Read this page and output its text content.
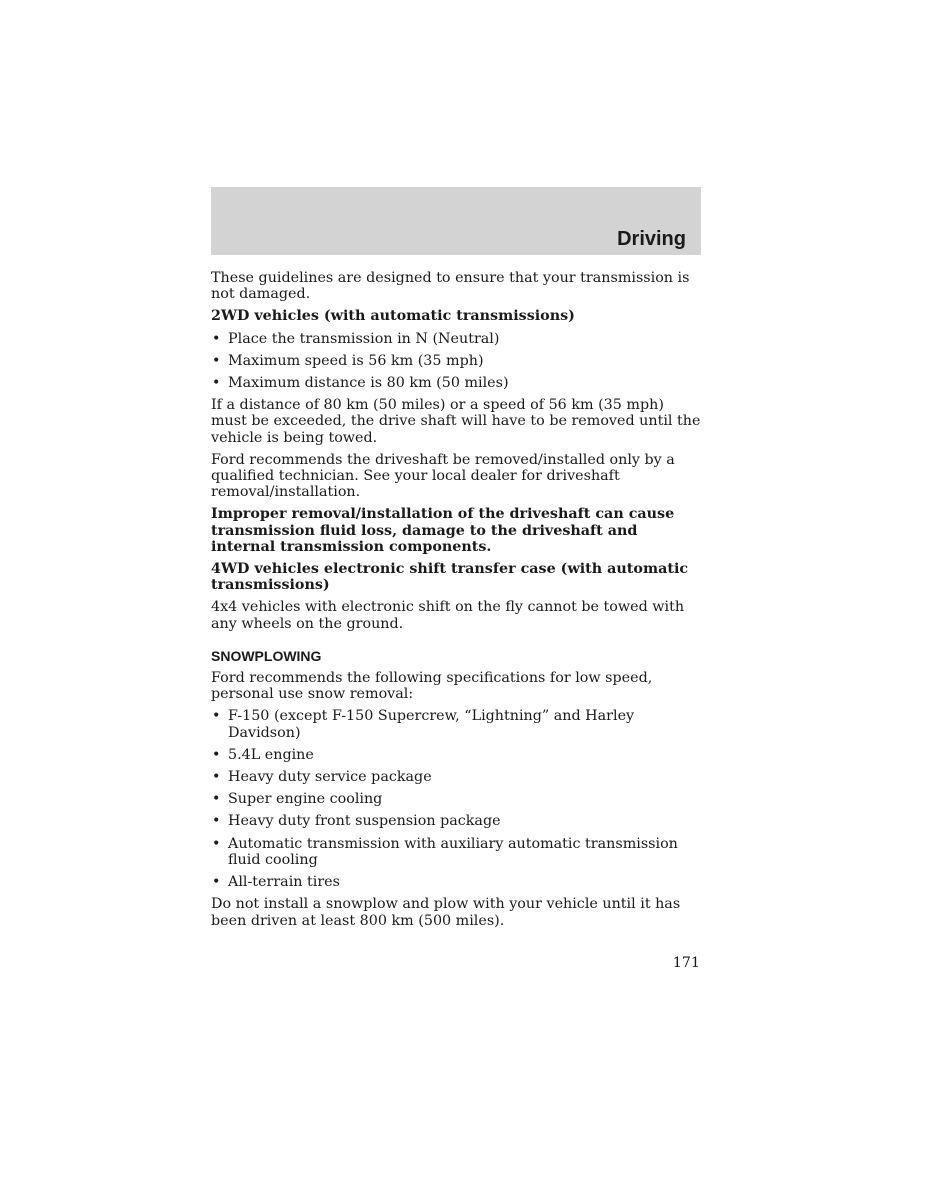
Driving

These guidelines are designed to ensure that your transmission is not damaged.

2WD vehicles (with automatic transmissions)

• Place the transmission in N (Neutral)
• Maximum speed is 56 km (35 mph)
• Maximum distance is 80 km (50 miles)

If a distance of 80 km (50 miles) or a speed of 56 km (35 mph) must be exceeded, the drive shaft will have to be removed until the vehicle is being towed.

Ford recommends the driveshaft be removed/installed only by a qualified technician. See your local dealer for driveshaft removal/installation.

Improper removal/installation of the driveshaft can cause transmission fluid loss, damage to the driveshaft and internal transmission components.

4WD vehicles electronic shift transfer case (with automatic transmissions)

4x4 vehicles with electronic shift on the fly cannot be towed with any wheels on the ground.

SNOWPLOWING

Ford recommends the following specifications for low speed, personal use snow removal:

• F-150 (except F-150 Supercrew, “Lightning” and Harley Davidson)
• 5.4L engine
• Heavy duty service package
• Super engine cooling
• Heavy duty front suspension package
• Automatic transmission with auxiliary automatic transmission fluid cooling
• All-terrain tires

Do not install a snowplow and plow with your vehicle until it has been driven at least 800 km (500 miles).

171
